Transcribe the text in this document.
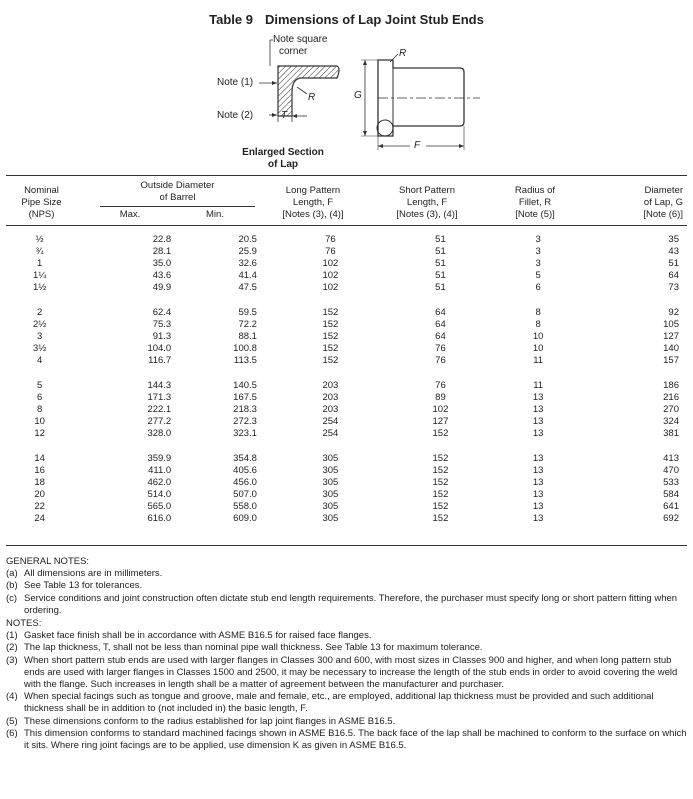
Table 9 Dimensions of Lap Joint Stub Ends
Note square
corner
Note (1)
R
Note (2)	T
R
G
F
Enlarged Section
of Lap
Nominal
Pipe Size
(NPS)
Outside Diameter
of Barrel
Max.	Min.
Long Pattern
Length, F
[Notes (3), (4)]
Short Pattern
Length, F
[Notes (3), (4)]
Radius of
Fillet, R
[Note (5)]
Diameter
of Lap, G
[Note (6)]
½	22.8	20.5	76	51	3	35
¾	28.1	25.9	76	51	3	43
1	35.0	32.6	102	51	3	51
1¼	43.6	41.4	102	51	5	64
1½	49.9	47.5	102	51	6	73

2	62.4	59.5	152	64	8	92
2½	75.3	72.2	152	64	8	105
3	91.3	88.1	152	64	10	127
3½	104.0	100.8	152	76	10	140
4	116.7	113.5	152	76	11	157

5	144.3	140.5	203	76	11	186
6	171.3	167.5	203	89	13	216
8	222.1	218.3	203	102	13	270
10	277.2	272.3	254	127	13	324
12	328.0	323.1	254	152	13	381

14	359.9	354.8	305	152	13	413
16	411.0	405.6	305	152	13	470
18	462.0	456.0	305	152	13	533
20	514.0	507.0	305	152	13	584
22	565.0	558.0	305	152	13	641
24	616.0	609.0	305	152	13	692

GENERAL NOTES:

(a) All dimensions are in millimeters.
(b) See Table 13 for tolerances.
(c) Service conditions and joint construction often dictate stub end length requirements. Therefore, the purchaser must specify long or short pattern fitting when ordering.

NOTES:

(1) Gasket face finish shall be in accordance with ASME B16.5 for raised face flanges.
(2) The lap thickness, T, shall not be less than nominal pipe wall thickness. See Table 13 for maximum tolerance.
(3) When short pattern stub ends are used with larger flanges in Classes 300 and 600, with most sizes in Classes 900 and higher, and when long pattern stub ends are used with larger flanges in Classes 1500 and 2500, it may be necessary to increase the length of the stub ends in order to avoid covering the weld with the flange. Such increases in length shall be a matter of agreement between the manufacturer and purchaser.
(4) When special facings such as tongue and groove, male and female, etc., are employed, additional lap thickness must be provided and such additional thickness shall be in addition to (not included in) the basic length, F.
(5) These dimensions conform to the radius established for lap joint flanges in ASME B16.5.
(6) This dimension conforms to standard machined facings shown in ASME B16.5. The back face of the lap shall be machined to conform to the surface on which it sits. Where ring joint facings are to be applied, use dimension K as given in ASME B16.5.
